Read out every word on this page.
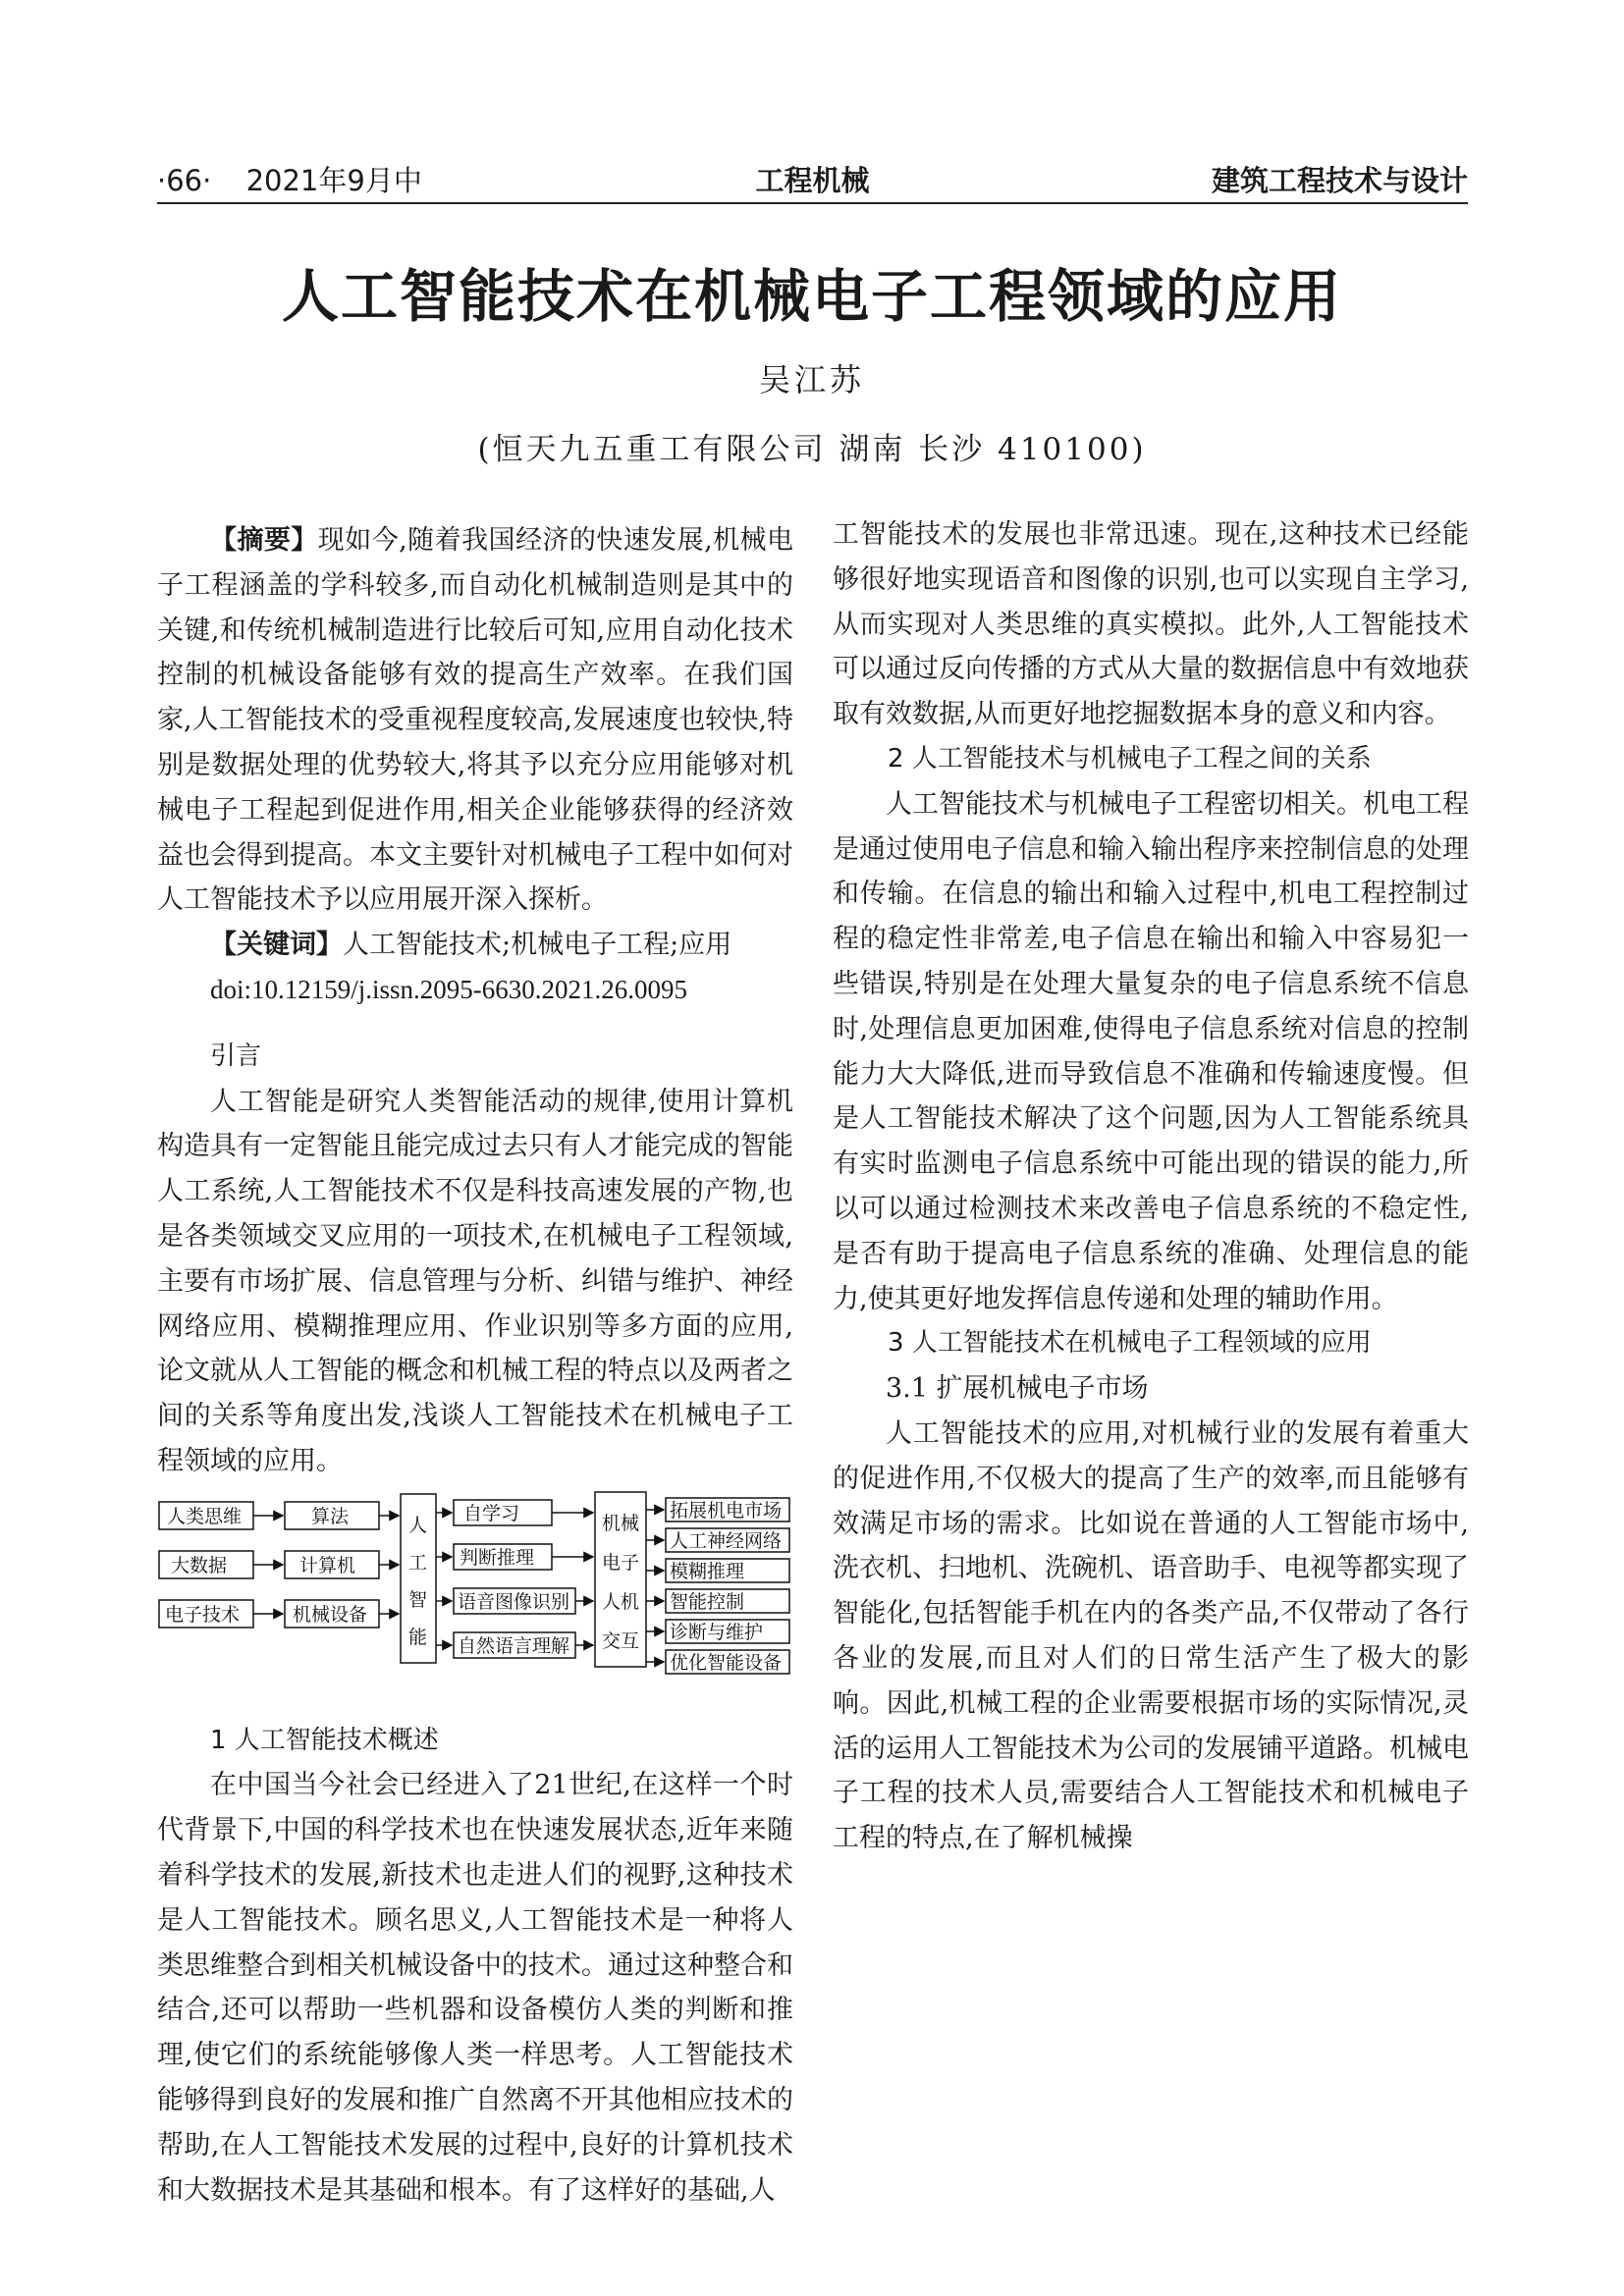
·66· 2021年9月中	工程机械	建筑工程技术与设计
人工智能技术在机械电子工程领域的应用
吴江苏
(恒天九五重工有限公司 湖南 长沙 410100)

【摘要】现如今,随着我国经济的快速发展,机械电子工程涵盖的学科较多,而自动化机械制造则是其中的关键,和传统机械制造进行比较后可知,应用自动化技术控制的机械设备能够有效的提高生产效率。在我们国家,人工智能技术的受重视程度较高,发展速度也较快,特别是数据处理的优势较大,将其予以充分应用能够对机械电子工程起到促进作用,相关企业能够获得的经济效益也会得到提高。本文主要针对机械电子工程中如何对人工智能技术予以应用展开深入探析。

【关键词】人工智能技术;机械电子工程;应用

doi:10.12159/j.issn.2095-6630.2021.26.0095

引言

人工智能是研究人类智能活动的规律,使用计算机构造具有一定智能且能完成过去只有人才能完成的智能人工系统,人工智能技术不仅是科技高速发展的产物,也是各类领域交叉应用的一项技术,在机械电子工程领域,主要有市场扩展、信息管理与分析、纠错与维护、神经网络应用、模糊推理应用、作业识别等多方面的应用,论文就从人工智能的概念和机械工程的特点以及两者之间的关系等角度出发,浅谈人工智能技术在机械电子工程领域的应用。

人类思维
大数据
电子技术
算法
计算机
机械设备
人
工
智
能
自学习
判断推理
语音图像识别
自然语言理解
机械
电子
人机
交互
拓展机电市场
人工神经网络
模糊推理
智能控制
诊断与维护
优化智能设备

1 人工智能技术概述

在中国当今社会已经进入了21世纪,在这样一个时代背景下,中国的科学技术也在快速发展状态,近年来随着科学技术的发展,新技术也走进人们的视野,这种技术是人工智能技术。顾名思义,人工智能技术是一种将人类思维整合到相关机械设备中的技术。通过这种整合和结合,还可以帮助一些机器和设备模仿人类的判断和推理,使它们的系统能够像人类一样思考。人工智能技术能够得到良好的发展和推广自然离不开其他相应技术的帮助,在人工智能技术发展的过程中,良好的计算机技术和大数据技术是其基础和根本。有了这样好的基础,人

工智能技术的发展也非常迅速。现在,这种技术已经能够很好地实现语音和图像的识别,也可以实现自主学习,从而实现对人类思维的真实模拟。此外,人工智能技术可以通过反向传播的方式从大量的数据信息中有效地获取有效数据,从而更好地挖掘数据本身的意义和内容。

2 人工智能技术与机械电子工程之间的关系

人工智能技术与机械电子工程密切相关。机电工程是通过使用电子信息和输入输出程序来控制信息的处理和传输。在信息的输出和输入过程中,机电工程控制过程的稳定性非常差,电子信息在输出和输入中容易犯一些错误,特别是在处理大量复杂的电子信息系统不信息时,处理信息更加困难,使得电子信息系统对信息的控制能力大大降低,进而导致信息不准确和传输速度慢。但是人工智能技术解决了这个问题,因为人工智能系统具有实时监测电子信息系统中可能出现的错误的能力,所以可以通过检测技术来改善电子信息系统的不稳定性,是否有助于提高电子信息系统的准确、处理信息的能力,使其更好地发挥信息传递和处理的辅助作用。

3 人工智能技术在机械电子工程领域的应用

3.1 扩展机械电子市场

人工智能技术的应用,对机械行业的发展有着重大的促进作用,不仅极大的提高了生产的效率,而且能够有效满足市场的需求。比如说在普通的人工智能市场中,洗衣机、扫地机、洗碗机、语音助手、电视等都实现了智能化,包括智能手机在内的各类产品,不仅带动了各行各业的发展,而且对人们的日常生活产生了极大的影响。因此,机械工程的企业需要根据市场的实际情况,灵活的运用人工智能技术为公司的发展铺平道路。机械电子工程的技术人员,需要结合人工智能技术和机械电子工程的特点,在了解机械操
